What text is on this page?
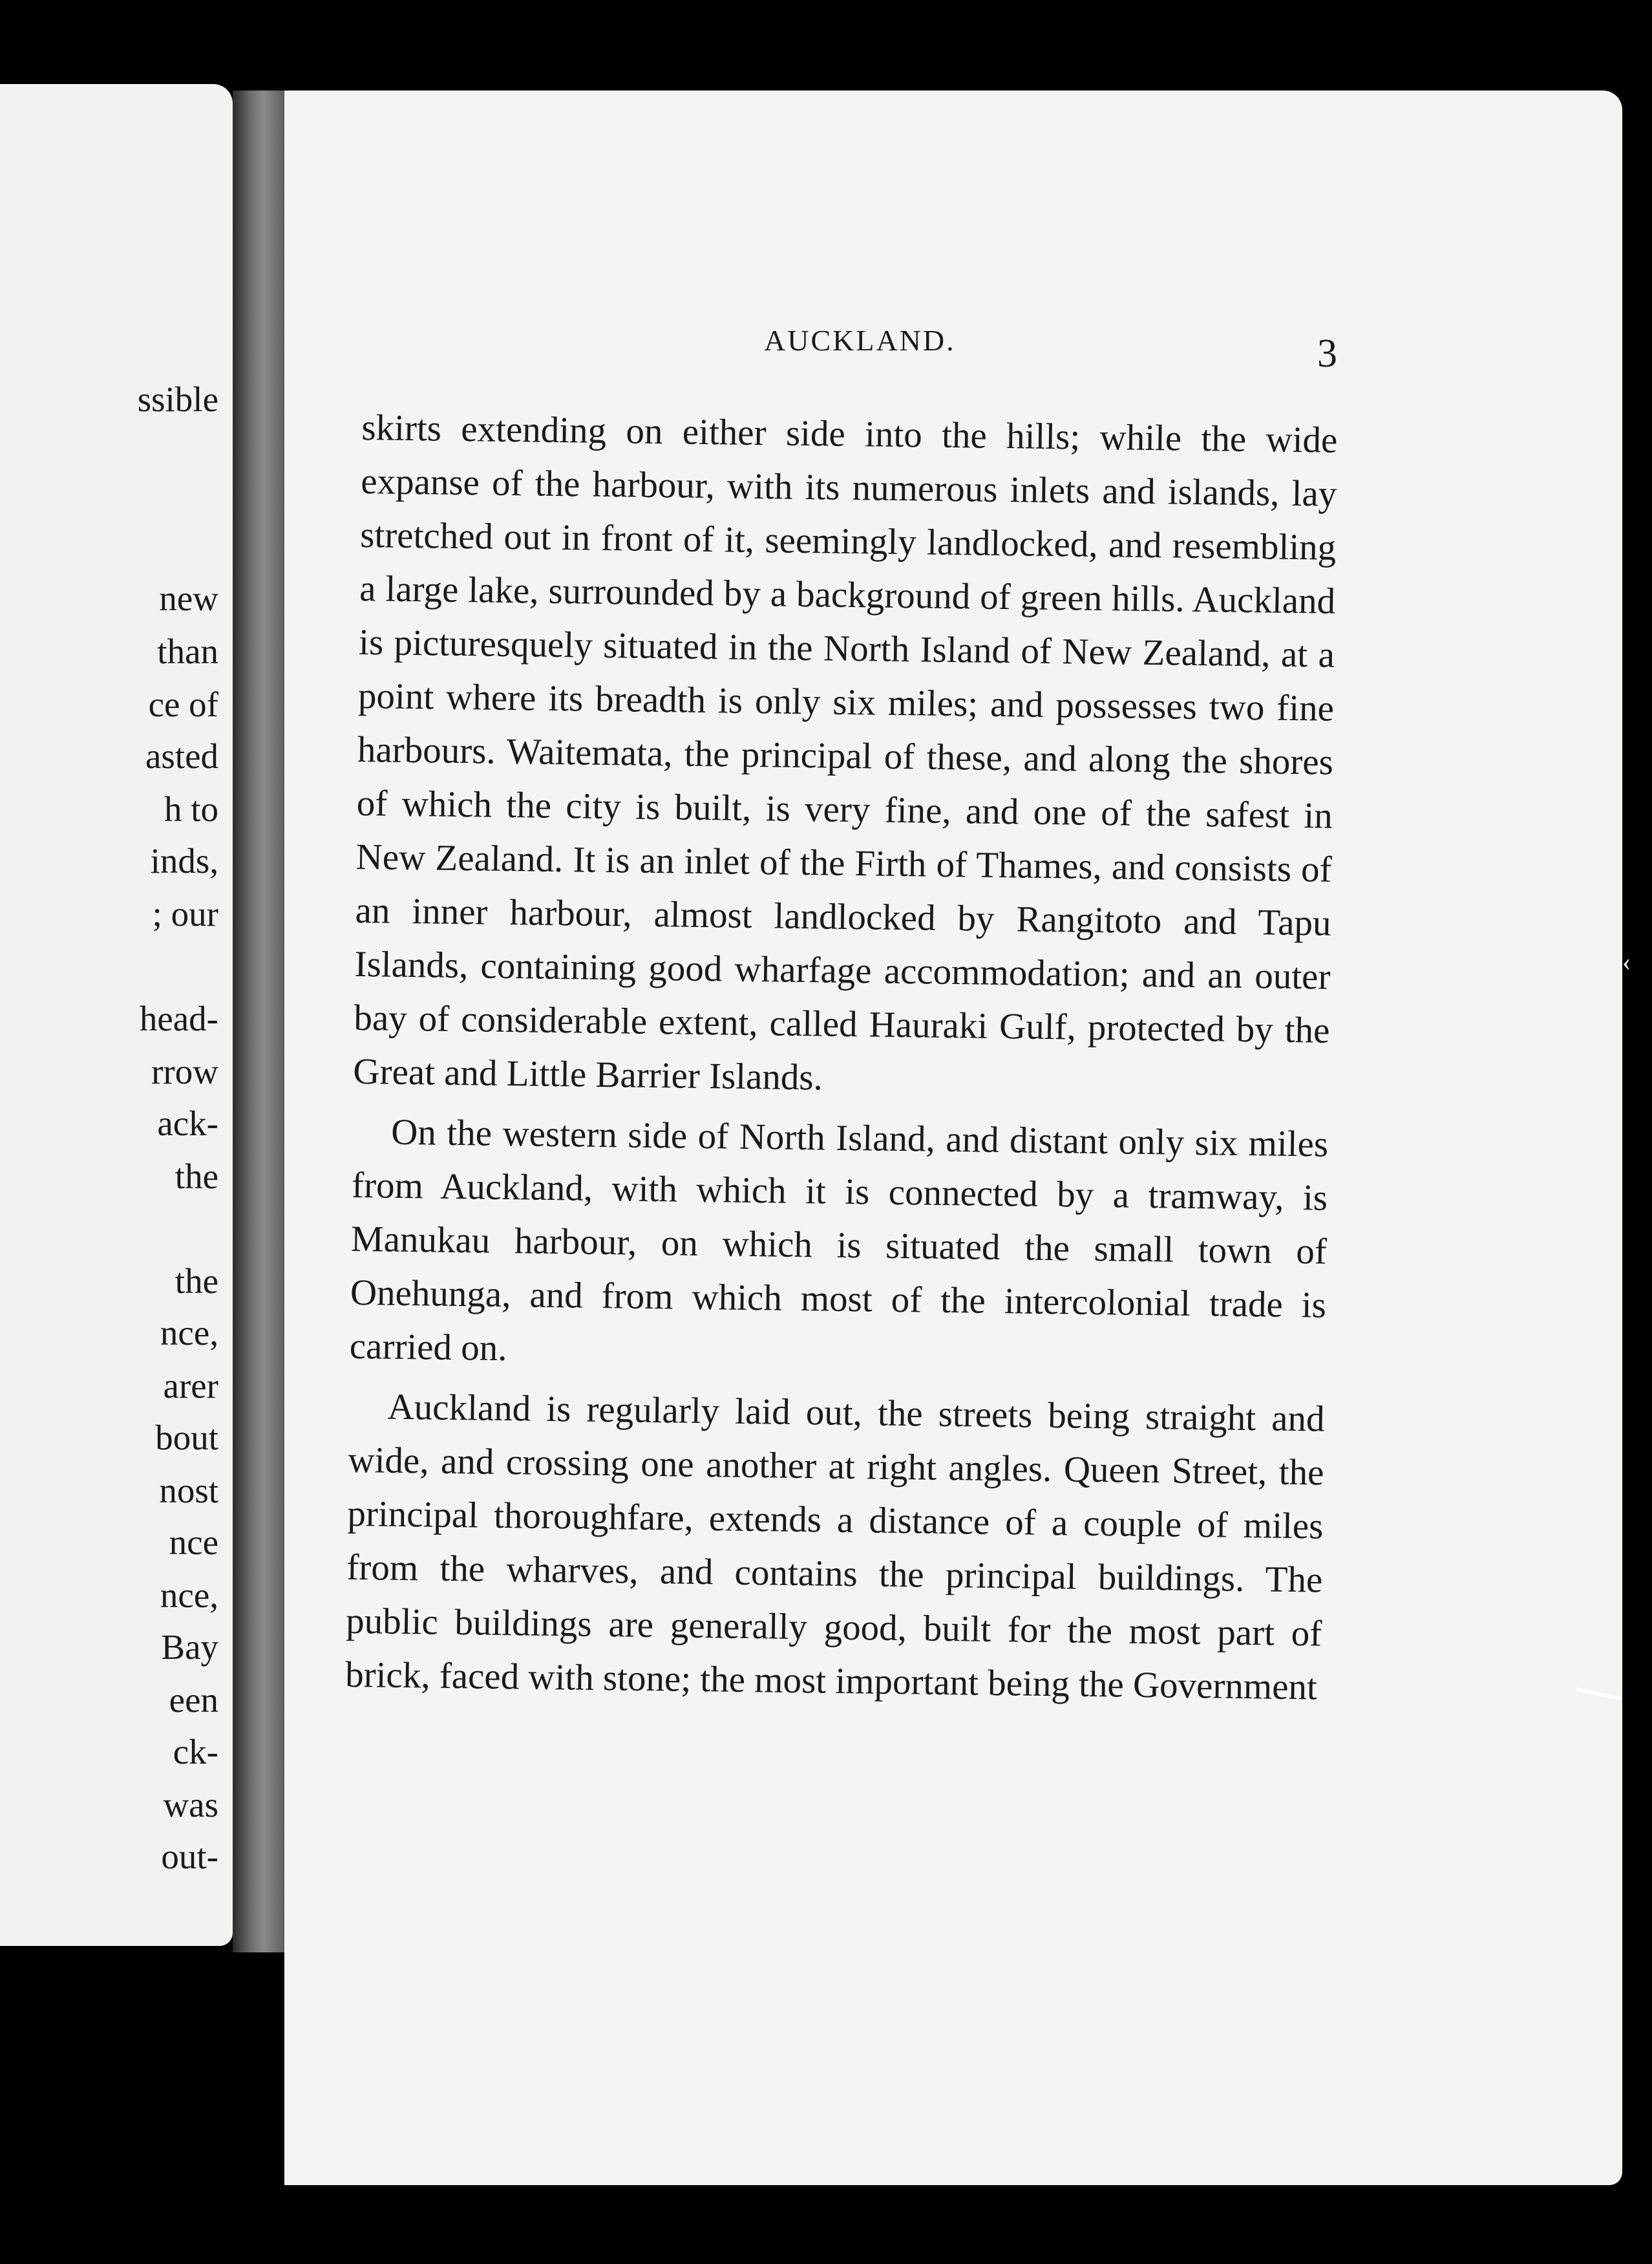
ssible
new
than
ce of
asted
h to
inds,
; our
head-
rrow
ack-
the
the
nce,
arer
bout
nost
nce
nce,
Bay
een
ck-
was
out-
AUCKLAND.	3

skirts extending on either side into the hills; while the wide expanse of the harbour, with its numerous inlets and islands, lay stretched out in front of it, seemingly landlocked, and resembling a large lake, surrounded by a background of green hills. Auckland is picturesquely situated in the North Island of New Zealand, at a point where its breadth is only six miles; and possesses two fine harbours. Waitemata, the principal of these, and along the shores of which the city is built, is very fine, and one of the safest in New Zealand. It is an inlet of the Firth of Thames, and consists of an inner harbour, almost landlocked by Rangitoto and Tapu Islands, containing good wharfage accommodation; and an outer bay of considerable extent, called Hauraki Gulf, protected by the Great and Little Barrier Islands.

On the western side of North Island, and distant only six miles from Auckland, with which it is connected by a tramway, is Manukau harbour, on which is situated the small town of Onehunga, and from which most of the intercolonial trade is carried on.

Auckland is regularly laid out, the streets being straight and wide, and crossing one another at right angles. Queen Street, the principal thoroughfare, extends a distance of a couple of miles from the wharves, and contains the principal buildings. The public buildings are generally good, built for the most part of brick, faced with stone; the most important being the Government

‹
